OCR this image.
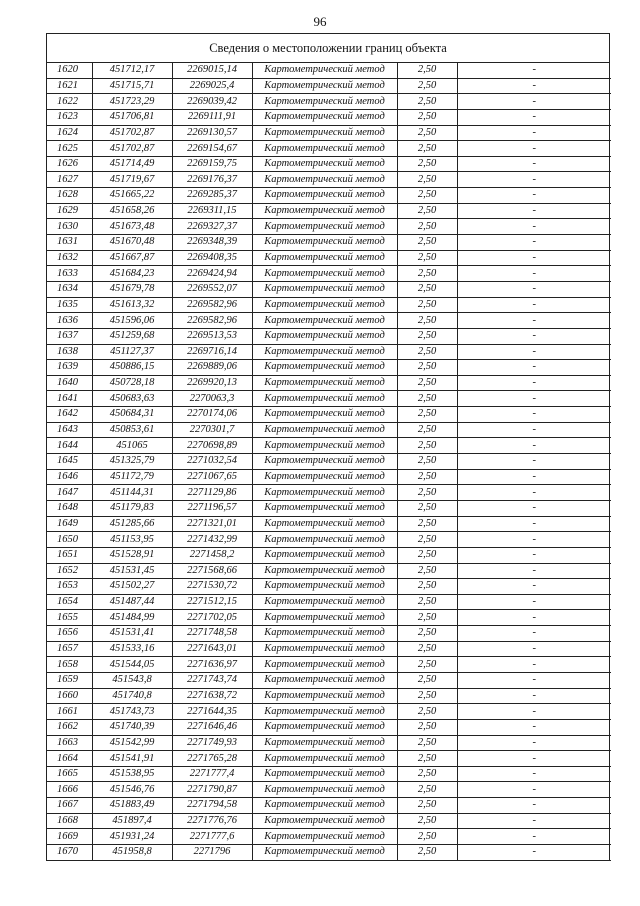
96
Сведения о местоположении границ объекта
1620	451712,17	2269015,14	Картометрический метод	2,50	-
1621	451715,71	2269025,4	Картометрический метод	2,50	-
1622	451723,29	2269039,42	Картометрический метод	2,50	-
1623	451706,81	2269111,91	Картометрический метод	2,50	-
1624	451702,87	2269130,57	Картометрический метод	2,50	-
1625	451702,87	2269154,67	Картометрический метод	2,50	-
1626	451714,49	2269159,75	Картометрический метод	2,50	-
1627	451719,67	2269176,37	Картометрический метод	2,50	-
1628	451665,22	2269285,37	Картометрический метод	2,50	-
1629	451658,26	2269311,15	Картометрический метод	2,50	-
1630	451673,48	2269327,37	Картометрический метод	2,50	-
1631	451670,48	2269348,39	Картометрический метод	2,50	-
1632	451667,87	2269408,35	Картометрический метод	2,50	-
1633	451684,23	2269424,94	Картометрический метод	2,50	-
1634	451679,78	2269552,07	Картометрический метод	2,50	-
1635	451613,32	2269582,96	Картометрический метод	2,50	-
1636	451596,06	2269582,96	Картометрический метод	2,50	-
1637	451259,68	2269513,53	Картометрический метод	2,50	-
1638	451127,37	2269716,14	Картометрический метод	2,50	-
1639	450886,15	2269889,06	Картометрический метод	2,50	-
1640	450728,18	2269920,13	Картометрический метод	2,50	-
1641	450683,63	2270063,3	Картометрический метод	2,50	-
1642	450684,31	2270174,06	Картометрический метод	2,50	-
1643	450853,61	2270301,7	Картометрический метод	2,50	-
1644	451065	2270698,89	Картометрический метод	2,50	-
1645	451325,79	2271032,54	Картометрический метод	2,50	-
1646	451172,79	2271067,65	Картометрический метод	2,50	-
1647	451144,31	2271129,86	Картометрический метод	2,50	-
1648	451179,83	2271196,57	Картометрический метод	2,50	-
1649	451285,66	2271321,01	Картометрический метод	2,50	-
1650	451153,95	2271432,99	Картометрический метод	2,50	-
1651	451528,91	2271458,2	Картометрический метод	2,50	-
1652	451531,45	2271568,66	Картометрический метод	2,50	-
1653	451502,27	2271530,72	Картометрический метод	2,50	-
1654	451487,44	2271512,15	Картометрический метод	2,50	-
1655	451484,99	2271702,05	Картометрический метод	2,50	-
1656	451531,41	2271748,58	Картометрический метод	2,50	-
1657	451533,16	2271643,01	Картометрический метод	2,50	-
1658	451544,05	2271636,97	Картометрический метод	2,50	-
1659	451543,8	2271743,74	Картометрический метод	2,50	-
1660	451740,8	2271638,72	Картометрический метод	2,50	-
1661	451743,73	2271644,35	Картометрический метод	2,50	-
1662	451740,39	2271646,46	Картометрический метод	2,50	-
1663	451542,99	2271749,93	Картометрический метод	2,50	-
1664	451541,91	2271765,28	Картометрический метод	2,50	-
1665	451538,95	2271777,4	Картометрический метод	2,50	-
1666	451546,76	2271790,87	Картометрический метод	2,50	-
1667	451883,49	2271794,58	Картометрический метод	2,50	-
1668	451897,4	2271776,76	Картометрический метод	2,50	-
1669	451931,24	2271777,6	Картометрический метод	2,50	-
1670	451958,8	2271796	Картометрический метод	2,50	-
